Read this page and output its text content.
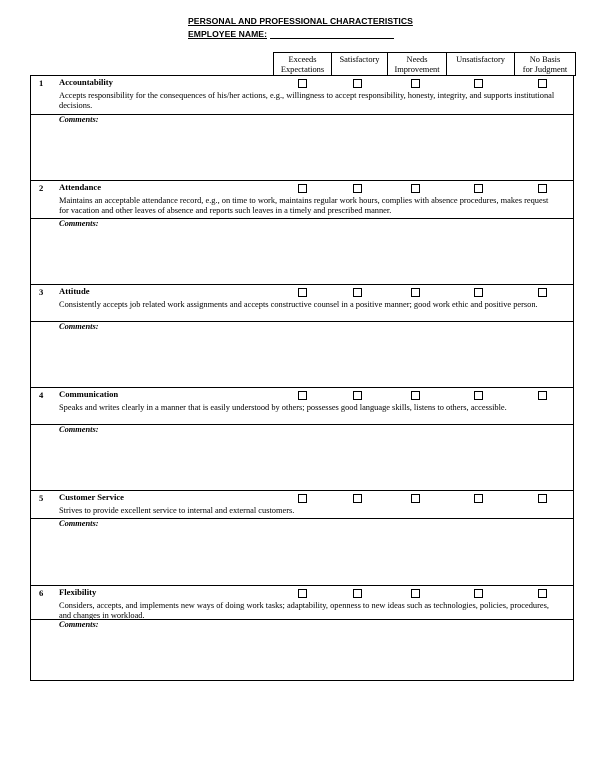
PERSONAL AND PROFESSIONAL CHARACTERISTICS
EMPLOYEE NAME:
Exceeds
Expectations
Satisfactory	Needs
Improvement
Unsatisfactory	No Basis
for Judgment
1 Accountability
Accepts responsibility for the consequences of his/her actions, e.g., willingness to accept responsibility, honesty, integrity, and supports institutional decisions.
Comments:
2 Attendance
Maintains an acceptable attendance record, e.g., on time to work, maintains regular work hours, complies with absence procedures, makes request for vacation and other leaves of absence and reports such leaves in a timely and prescribed manner.
Comments:
3 Attitude
Consistently accepts job related work assignments and accepts constructive counsel in a positive manner; good work ethic and positive person.
Comments:
4 Communication
Speaks and writes clearly in a manner that is easily understood by others; possesses good language skills, listens to others, accessible.
Comments:
5 Customer Service
Strives to provide excellent service to internal and external customers.
Comments:
6 Flexibility
Considers, accepts, and implements new ways of doing work tasks; adaptability, openness to new ideas such as technologies, policies, procedures, and changes in workload.
Comments:
